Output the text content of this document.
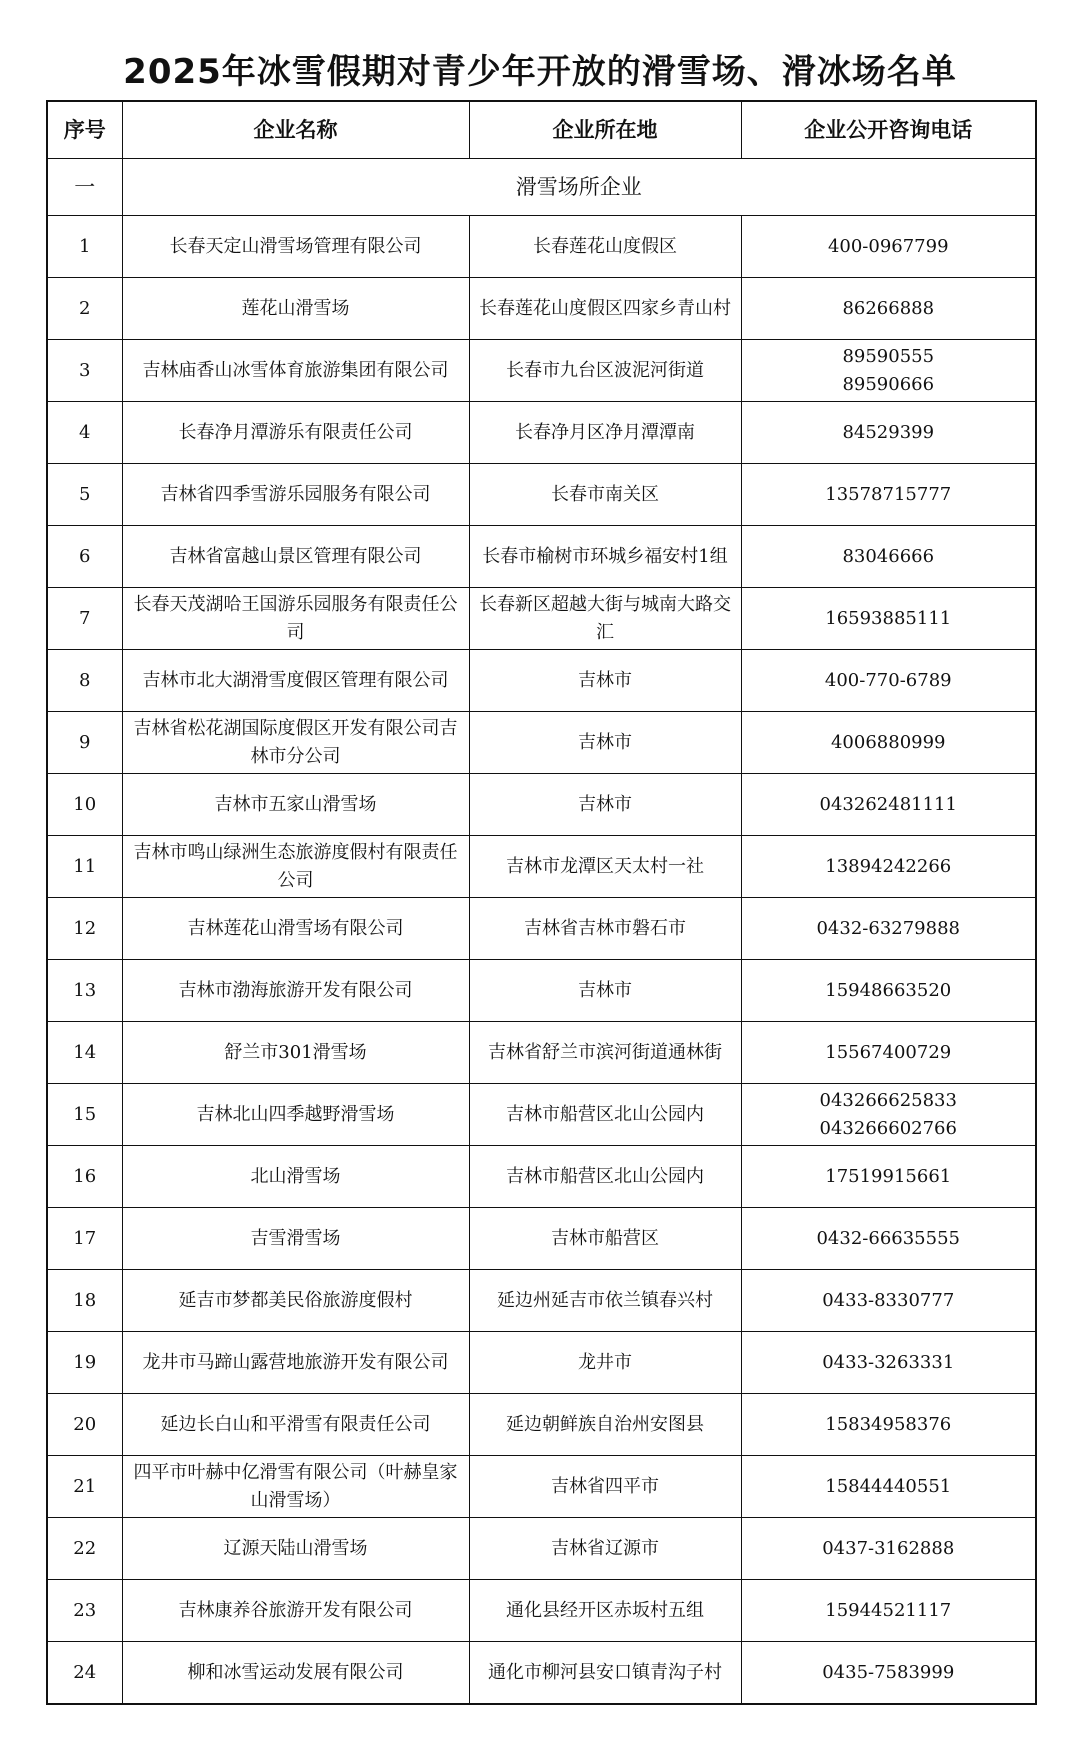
2025年冰雪假期对青少年开放的滑雪场、滑冰场名单
序号	企业名称	企业所在地	企业公开咨询电话
一	滑雪场所企业		
1	长春天定山滑雪场管理有限公司	长春莲花山度假区	400-0967799

2	莲花山滑雪场	长春莲花山度假区四家乡青山村	86266888

3	吉林庙香山冰雪体育旅游集团有限公司	长春市九台区波泥河街道	89590555
89590666

4	长春净月潭游乐有限责任公司	长春净月区净月潭潭南	84529399

5	吉林省四季雪游乐园服务有限公司	长春市南关区	13578715777

6	吉林省富越山景区管理有限公司	长春市榆树市环城乡福安村1组	83046666

7	长春天茂湖哈王国游乐园服务有限责任公司	长春新区超越大街与城南大路交汇	16593885111

8	吉林市北大湖滑雪度假区管理有限公司	吉林市	400-770-6789

9	吉林省松花湖国际度假区开发有限公司吉林市分公司	吉林市	4006880999

10	吉林市五家山滑雪场	吉林市	043262481111

11	吉林市鸣山绿洲生态旅游度假村有限责任公司	吉林市龙潭区天太村一社	13894242266

12	吉林莲花山滑雪场有限公司	吉林省吉林市磐石市	0432-63279888

13	吉林市渤海旅游开发有限公司	吉林市	15948663520

14	舒兰市301滑雪场	吉林省舒兰市滨河街道通林街	15567400729

15	吉林北山四季越野滑雪场	吉林市船营区北山公园内	043266625833
043266602766

16	北山滑雪场	吉林市船营区北山公园内	17519915661

17	吉雪滑雪场	吉林市船营区	0432-66635555

18	延吉市梦都美民俗旅游度假村	延边州延吉市依兰镇春兴村	0433-8330777

19	龙井市马蹄山露营地旅游开发有限公司	龙井市	0433-3263331

20	延边长白山和平滑雪有限责任公司	延边朝鲜族自治州安图县	15834958376

21	四平市叶赫中亿滑雪有限公司（叶赫皇家山滑雪场）	吉林省四平市	15844440551

22	辽源天陆山滑雪场	吉林省辽源市	0437-3162888

23	吉林康养谷旅游开发有限公司	通化县经开区赤坂村五组	15944521117

24	柳和冰雪运动发展有限公司	通化市柳河县安口镇青沟子村	0435-7583999
